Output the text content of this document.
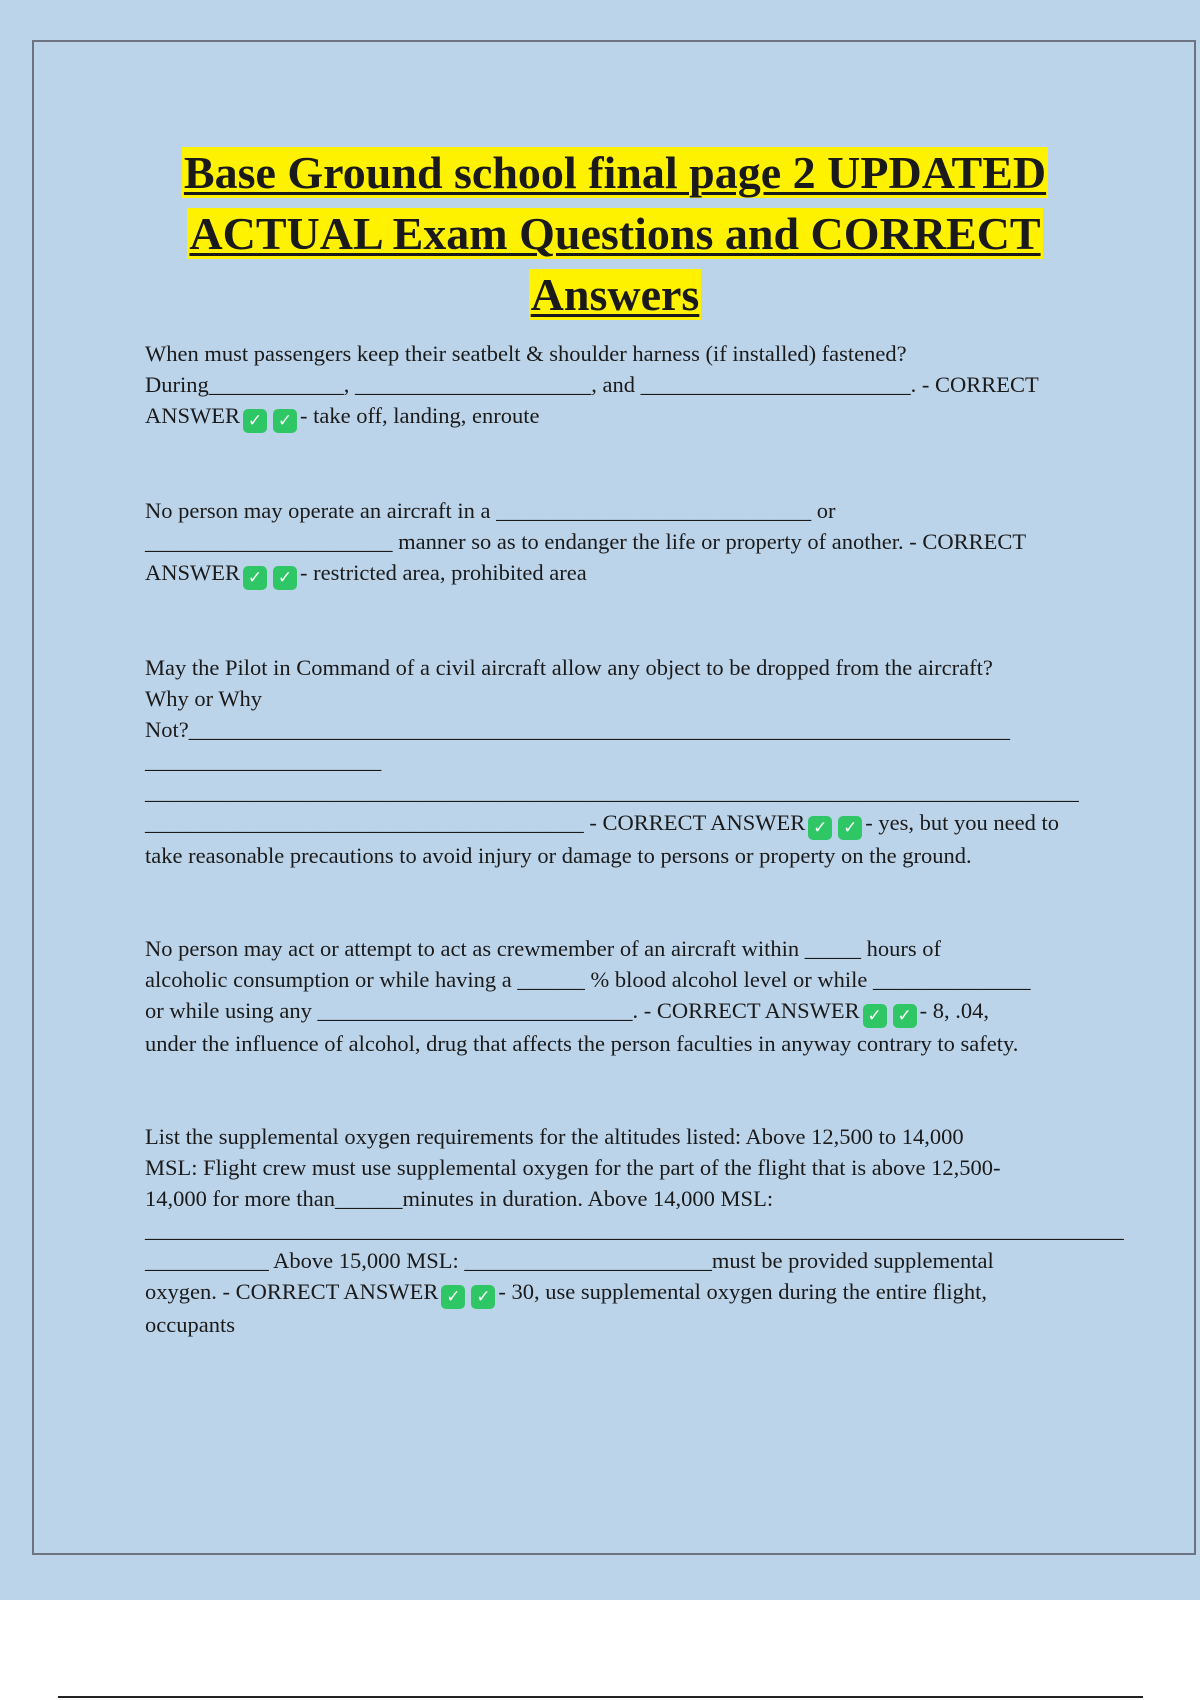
Base Ground school final page 2 UPDATED
ACTUAL Exam Questions and CORRECT
Answers

When must passengers keep their seatbelt & shoulder harness (if installed) fastened?
During____________, _____________________, and ________________________. - CORRECT
ANSWER ✓ ✓ - take off, landing, enroute

No person may operate an aircraft in a ____________________________ or
______________________ manner so as to endanger the life or property of another. - CORRECT
ANSWER ✓ ✓ - restricted area, prohibited area

May the Pilot in Command of a civil aircraft allow any object to be dropped from the aircraft?
Why or Why
Not?_________________________________________________________________________
_____________________
___________________________________________________________________________________
_______________________________________ - CORRECT ANSWER ✓ ✓ - yes, but you need to
take reasonable precautions to avoid injury or damage to persons or property on the ground.

No person may act or attempt to act as crewmember of an aircraft within _____ hours of
alcoholic consumption or while having a ______ % blood alcohol level or while ______________
or while using any ____________________________. - CORRECT ANSWER ✓ ✓ - 8, .04,
under the influence of alcohol, drug that affects the person faculties in anyway contrary to safety.

List the supplemental oxygen requirements for the altitudes listed: Above 12,500 to 14,000
MSL: Flight crew must use supplemental oxygen for the part of the flight that is above 12,500-
14,000 for more than______minutes in duration. Above 14,000 MSL:
_______________________________________________________________________________________
___________ Above 15,000 MSL: ______________________must be provided supplemental
oxygen. - CORRECT ANSWER ✓ ✓ - 30, use supplemental oxygen during the entire flight,
occupants
